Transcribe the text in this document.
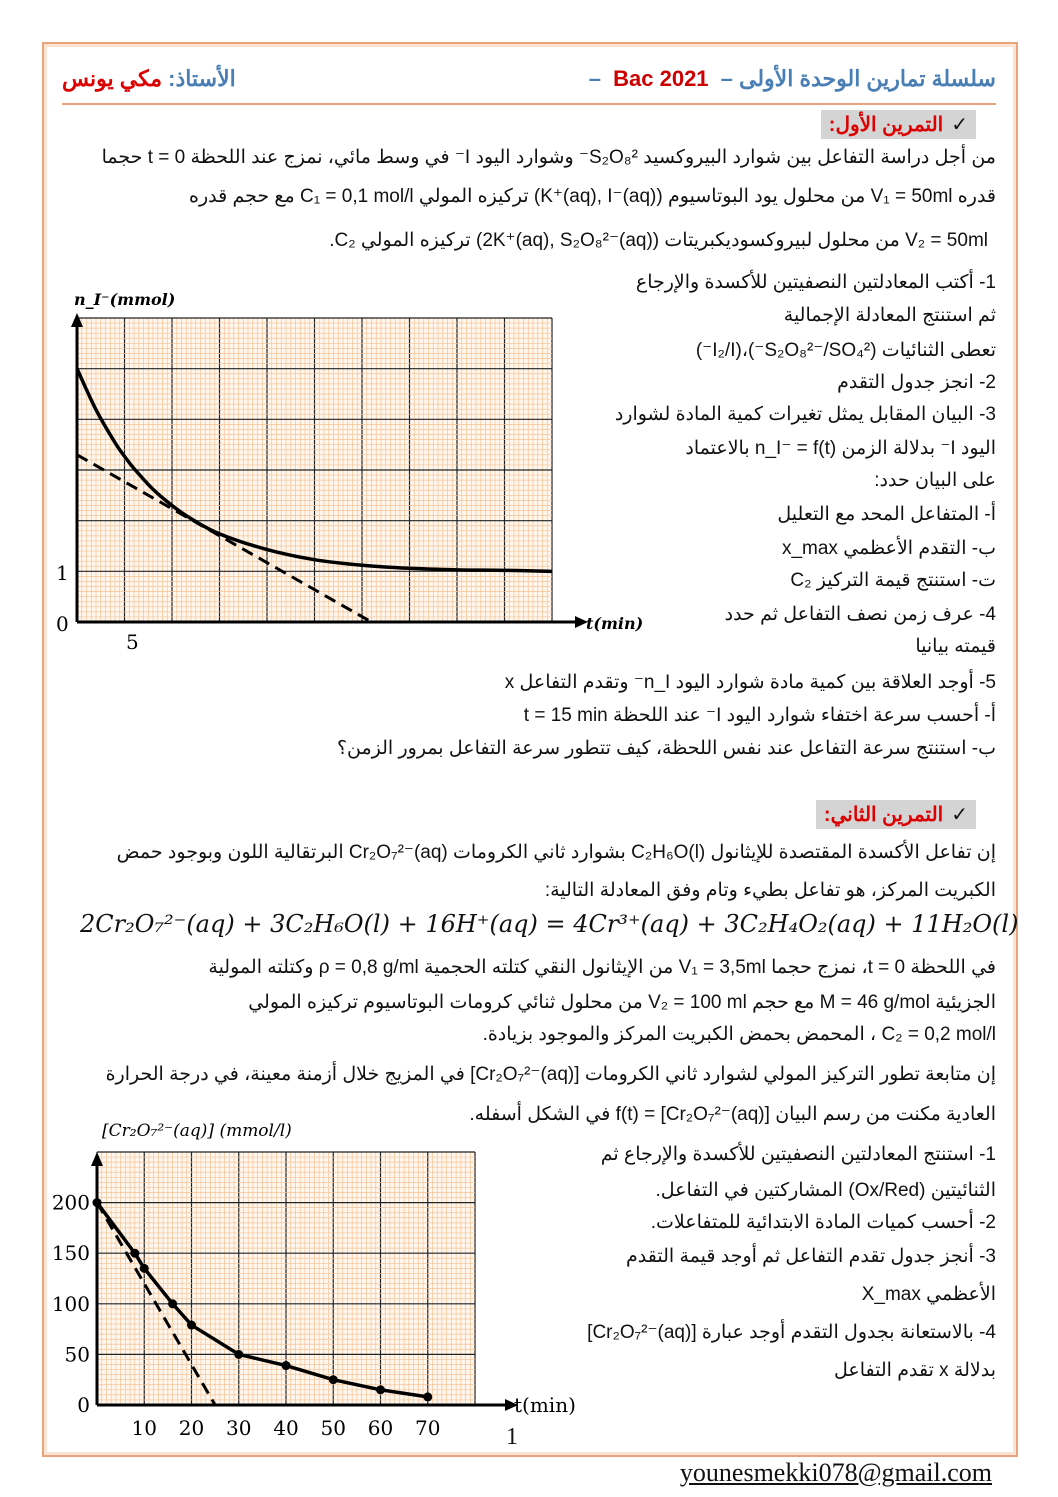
سلسلة تمارين الوحدة الأولى – Bac 2021 –
الأستاذ: مكي يونس
✓التمرين الأول:
من أجل دراسة التفاعل بين شوارد البيروكسيد S₂O₈²⁻ وشوارد اليود I⁻ في وسط مائي، نمزج عند اللحظة t = 0 حجما
قدره V₁ = 50ml من محلول يود البوتاسيوم (K⁺(aq), I⁻(aq)) تركيزه المولي C₁ = 0,1 mol/l مع حجم قدره
V₂ = 50ml من محلول لبيروكسوديكبريتات (2K⁺(aq), S₂O₈²⁻(aq)) تركيزه المولي C₂.
1- أكتب المعادلتين النصفيتين للأكسدة والإرجاع
ثم استنتج المعادلة الإجمالية
تعطى الثنائيات (S₂O₈²⁻/SO₄²⁻)،(I₂/I⁻)
2- انجز جدول التقدم
3- البيان المقابل يمثل تغيرات كمية المادة لشوارد
اليود I⁻ بدلالة الزمن n_I⁻ = f(t) بالاعتماد
على البيان حدد:
أ- المتفاعل المحد مع التعليل
ب- التقدم الأعظمي x_max
ت- استنتج قيمة التركيز C₂
4- عرف زمن نصف التفاعل ثم حدد
قيمته بيانيا
5- أوجد العلاقة بين كمية مادة شوارد اليود n_I⁻ وتقدم التفاعل x
أ- أحسب سرعة اختفاء شوارد اليود I⁻ عند اللحظة t = 15 min
ب- استنتج سرعة التفاعل عند نفس اللحظة، كيف تتطور سرعة التفاعل بمرور الزمن؟
n_I⁻(mmol)
t(min)
0
1
5
✓التمرين الثاني:
إن تفاعل الأكسدة المقتصدة للإيثانول C₂H₆O(l) بشوارد ثاني الكرومات Cr₂O₇²⁻(aq) البرتقالية اللون وبوجود حمض
الكبريت المركز، هو تفاعل بطيء وتام وفق المعادلة التالية:
2Cr₂O₇²⁻(aq) + 3C₂H₆O(l) + 16H⁺(aq) = 4Cr³⁺(aq) + 3C₂H₄O₂(aq) + 11H₂O(l)
في اللحظة t = 0، نمزج حجما V₁ = 3,5ml من الإيثانول النقي كتلته الحجمية ρ = 0,8 g/ml وكتلته المولية
الجزيئية M = 46 g/mol مع حجم V₂ = 100 ml من محلول ثنائي كرومات البوتاسيوم تركيزه المولي
C₂ = 0,2 mol/l ، المحمض بحمض الكبريت المركز والموجود بزيادة.
إن متابعة تطور التركيز المولي لشوارد ثاني الكرومات [Cr₂O₇²⁻(aq)] في المزيج خلال أزمنة معينة، في درجة الحرارة
العادية مكنت من رسم البيان [Cr₂O₇²⁻(aq)] = f(t) في الشكل أسفله.
1- استنتج المعادلتين النصفيتين للأكسدة والإرجاع ثم
الثنائيتين (Ox/Red) المشاركتين في التفاعل.
2- أحسب كميات المادة الابتدائية للمتفاعلات.
3- أنجز جدول تقدم التفاعل ثم أوجد قيمة التقدم
الأعظمي X_max
4- بالاستعانة بجدول التقدم أوجد عبارة [Cr₂O₇²⁻(aq)]
بدلالة x تقدم التفاعل
10 20 30 40 50 60 70
0
50
100
150
200
[Cr₂O₇²⁻(aq)] (mmol/l)
t(min)
1
younesmekki078@gmail.com
